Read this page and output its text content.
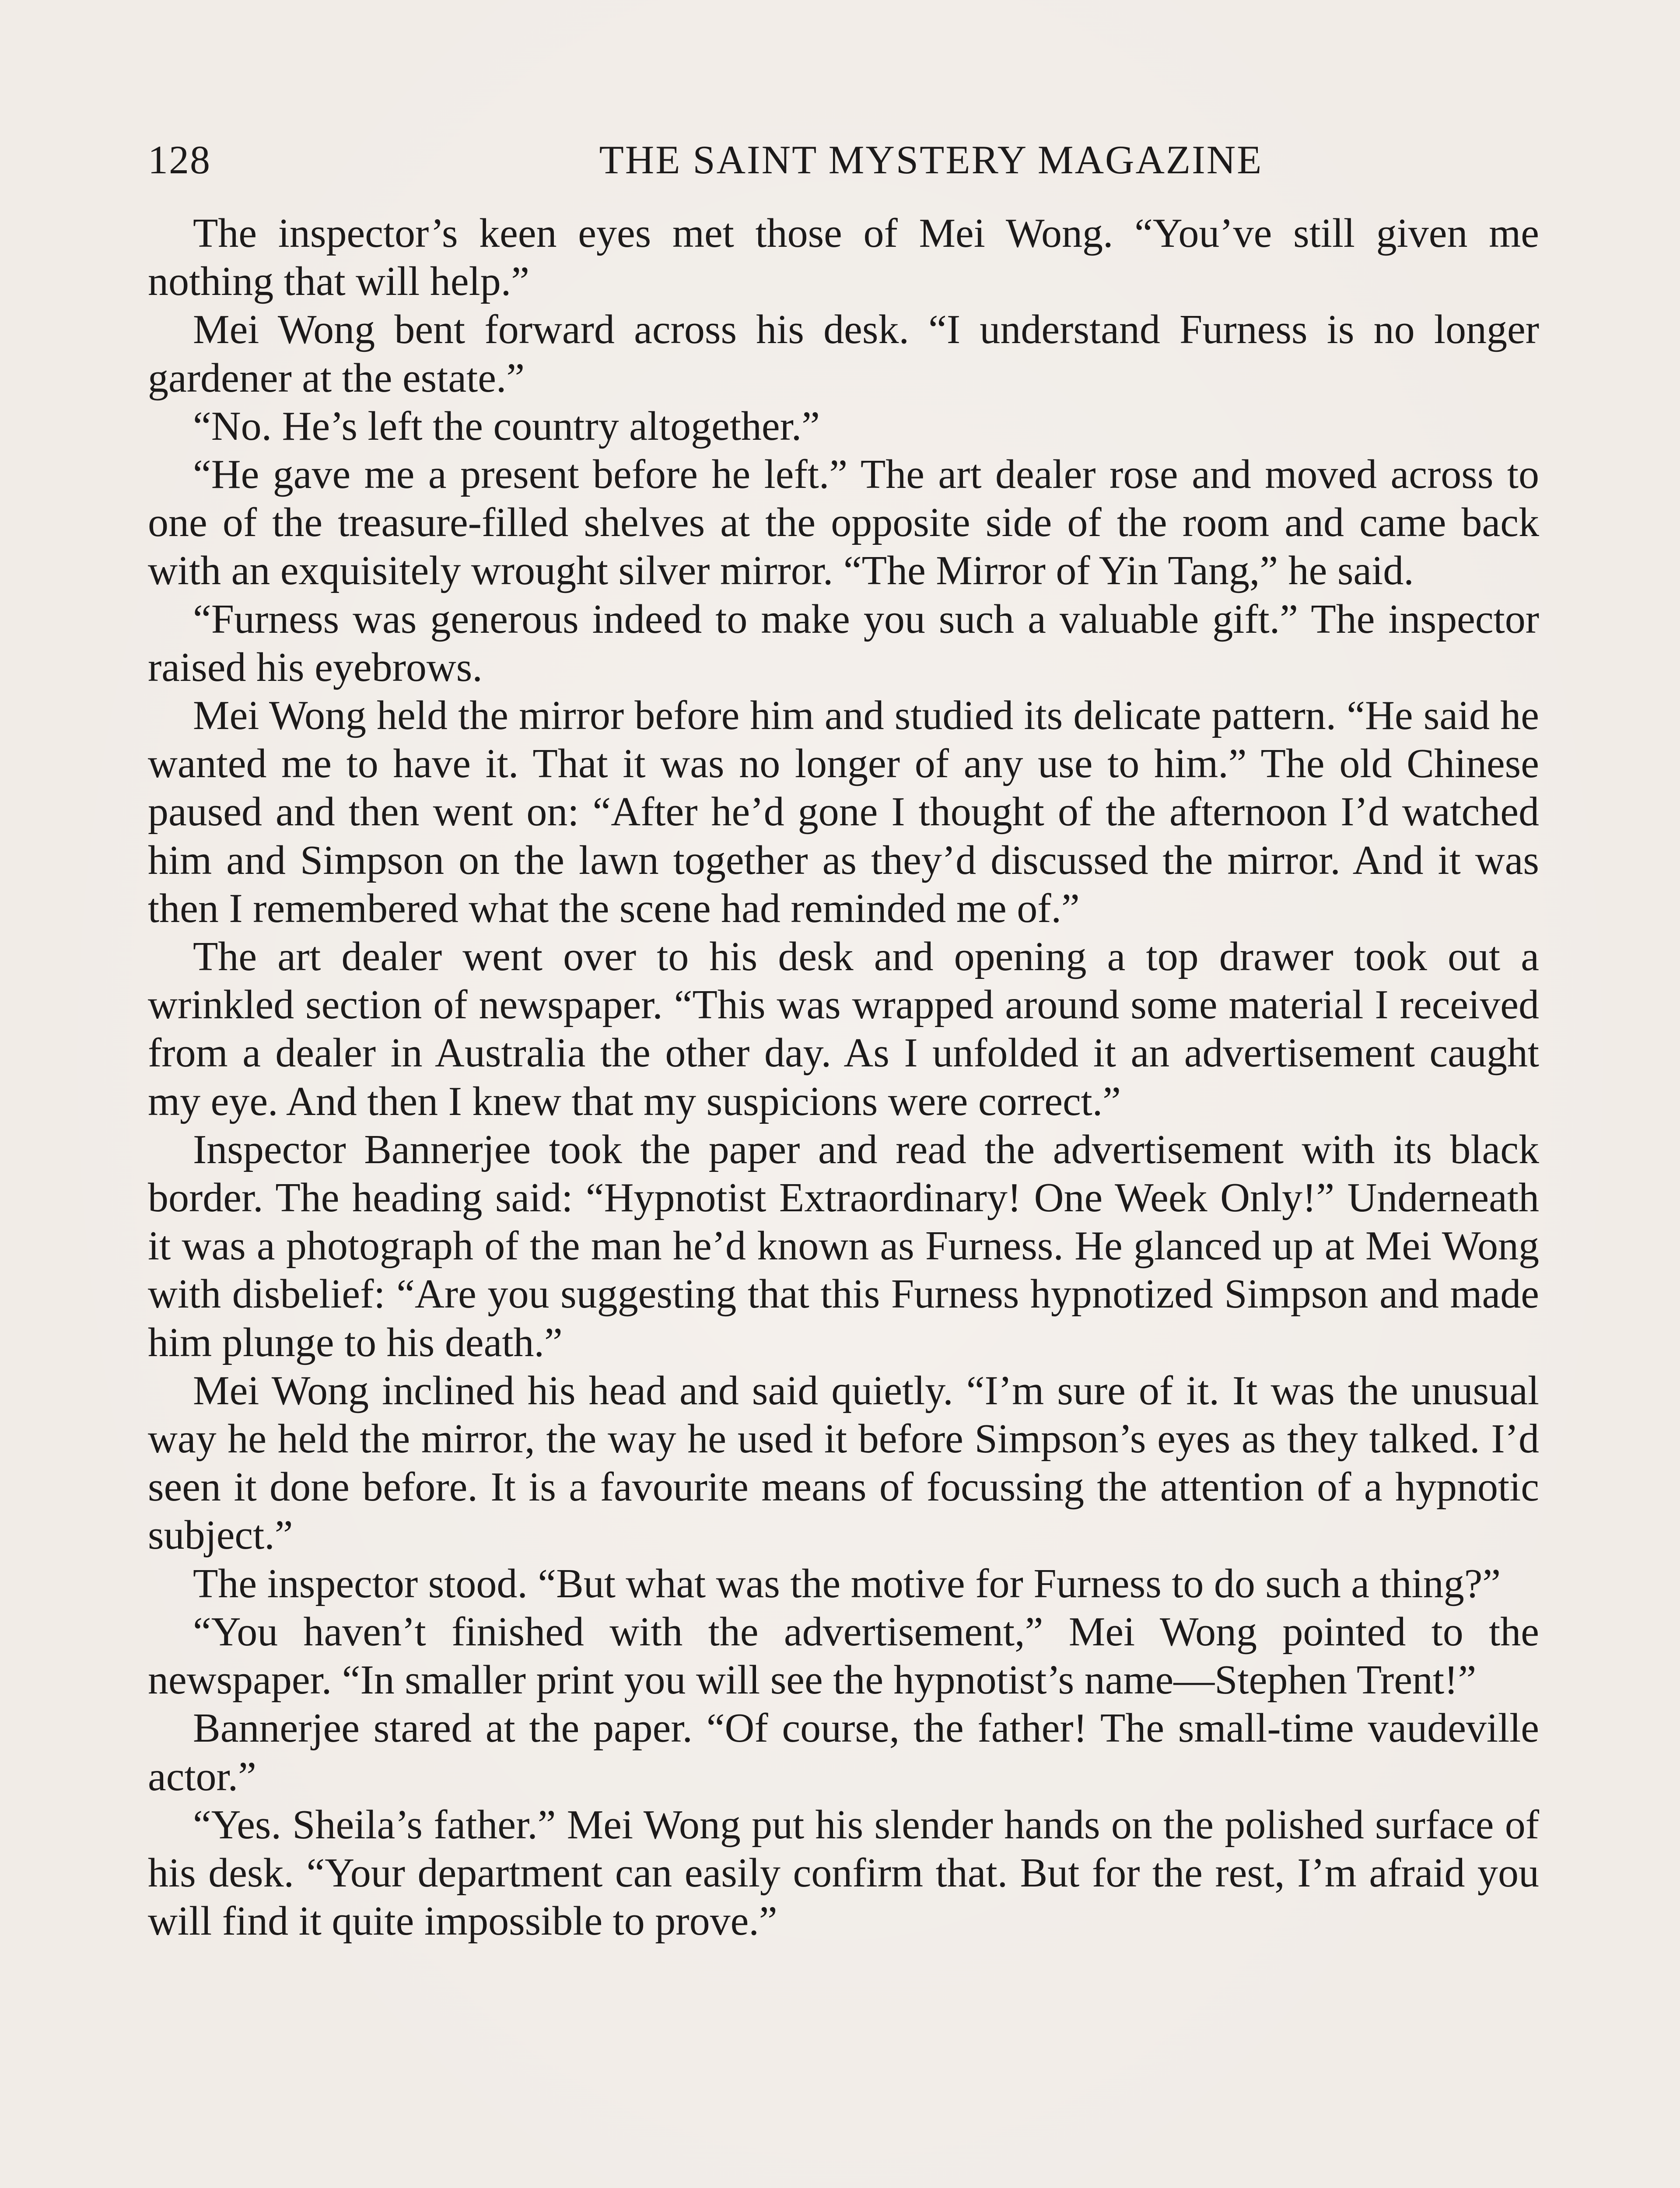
128	THE SAINT MYSTERY MAGAZINE

The inspector’s keen eyes met those of Mei Wong. “You’ve still given me nothing that will help.”

Mei Wong bent forward across his desk. “I understand Furness is no longer gardener at the estate.”

“No. He’s left the country altogether.”

“He gave me a present before he left.” The art dealer rose and moved across to one of the treasure-filled shelves at the opposite side of the room and came back with an exquisitely wrought silver mirror. “The Mirror of Yin Tang,” he said.

“Furness was generous indeed to make you such a valuable gift.” The inspector raised his eyebrows.

Mei Wong held the mirror before him and studied its delicate pattern. “He said he wanted me to have it. That it was no longer of any use to him.” The old Chinese paused and then went on: “After he’d gone I thought of the afternoon I’d watched him and Simpson on the lawn together as they’d discussed the mirror. And it was then I remembered what the scene had reminded me of.”

The art dealer went over to his desk and opening a top drawer took out a wrinkled section of newspaper. “This was wrapped around some material I received from a dealer in Australia the other day. As I unfolded it an advertisement caught my eye. And then I knew that my suspicions were correct.”

Inspector Bannerjee took the paper and read the advertisement with its black border. The heading said: “Hypnotist Extraordinary! One Week Only!” Underneath it was a photograph of the man he’d known as Furness. He glanced up at Mei Wong with disbelief: “Are you suggesting that this Furness hypnotized Simpson and made him plunge to his death.”

Mei Wong inclined his head and said quietly. “I’m sure of it. It was the unusual way he held the mirror, the way he used it before Simpson’s eyes as they talked. I’d seen it done before. It is a favourite means of focussing the attention of a hypnotic subject.”

The inspector stood. “But what was the motive for Furness to do such a thing?”

“You haven’t finished with the advertisement,” Mei Wong pointed to the newspaper. “In smaller print you will see the hypnotist’s name—Stephen Trent!”

Bannerjee stared at the paper. “Of course, the father! The small-time vaudeville actor.”

“Yes. Sheila’s father.” Mei Wong put his slender hands on the polished surface of his desk. “Your department can easily confirm that. But for the rest, I’m afraid you will find it quite impossible to prove.”
